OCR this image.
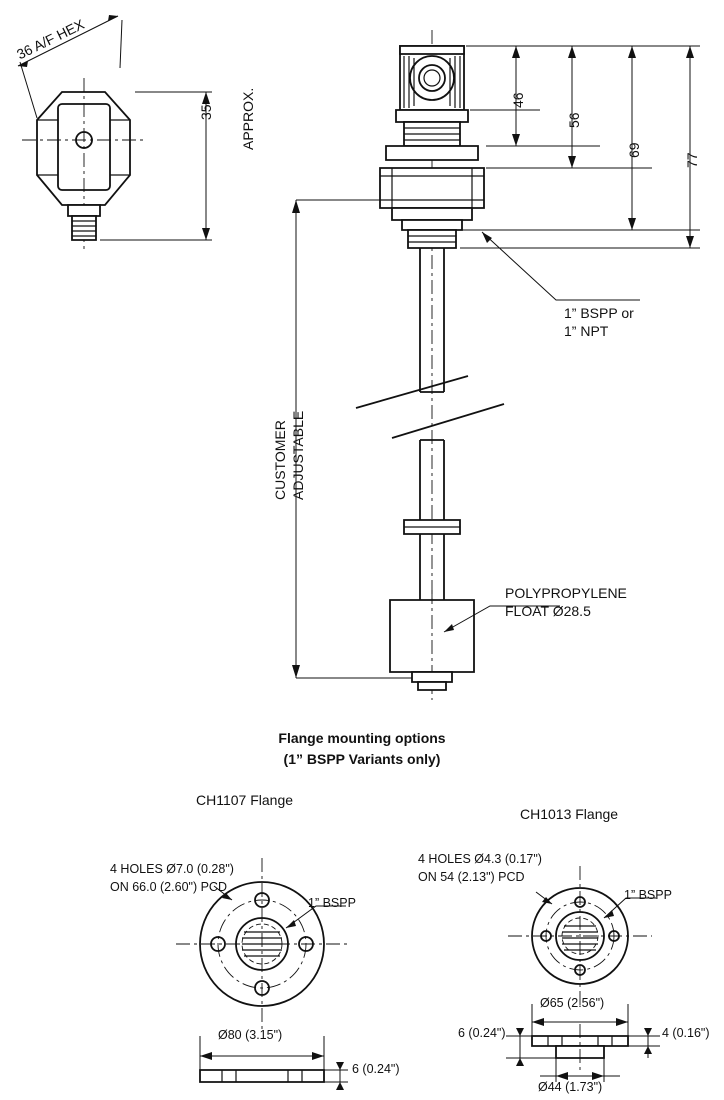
36 A/F HEX
35 APPROX.	46
56
69
77
CUSTOMER
ADJUSTABLE
1” BSPP or
1” NPT
POLYPROPYLENE
FLOAT Ø28.5
Flange mounting options
(1” BSPP Variants only)
CH1107 Flange
4 HOLES Ø7.0 (0.28")
ON 66.0 (2.60") PCD
1” BSPP
Ø80 (3.15")
6 (0.24")
CH1013 Flange
4 HOLES Ø4.3 (0.17")
ON 54 (2.13") PCD
1” BSPP
Ø65 (2.56")
Ø44 (1.73")
6 (0.24")	4 (0.16")
